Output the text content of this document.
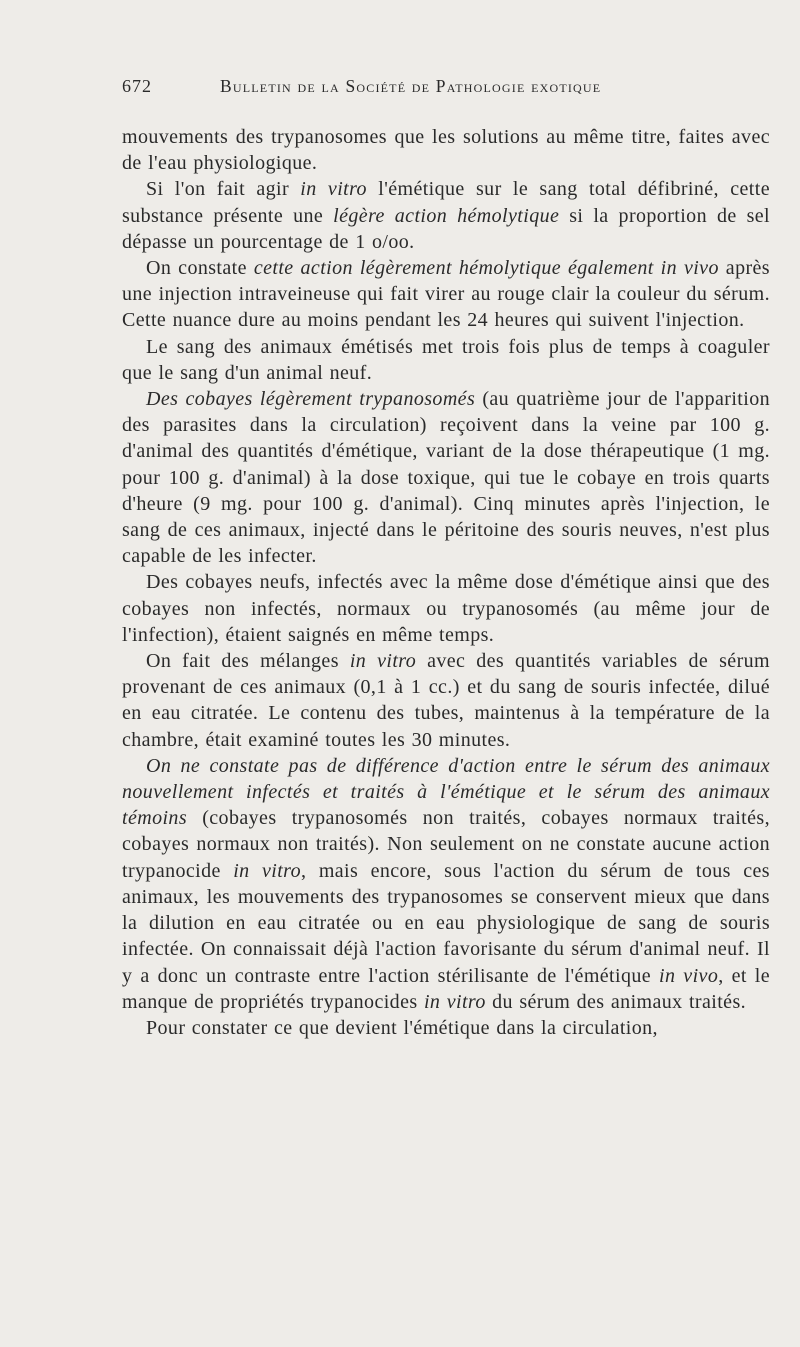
672	Bulletin de la Société de Pathologie exotique

mouvements des trypanosomes que les solutions au même titre, faites avec de l'eau physiologique.

Si l'on fait agir in vitro l'émétique sur le sang total défibriné, cette substance présente une légère action hémolytique si la proportion de sel dépasse un pourcentage de 1 o/oo.

On constate cette action légèrement hémolytique également in vivo après une injection intraveineuse qui fait virer au rouge clair la couleur du sérum. Cette nuance dure au moins pendant les 24 heures qui suivent l'injection.

Le sang des animaux émétisés met trois fois plus de temps à coaguler que le sang d'un animal neuf.

Des cobayes légèrement trypanosomés (au quatrième jour de l'apparition des parasites dans la circulation) reçoivent dans la veine par 100 g. d'animal des quantités d'émétique, variant de la dose thérapeutique (1 mg. pour 100 g. d'animal) à la dose toxique, qui tue le cobaye en trois quarts d'heure (9 mg. pour 100 g. d'animal). Cinq minutes après l'injection, le sang de ces animaux, injecté dans le péritoine des souris neuves, n'est plus capable de les infecter.

Des cobayes neufs, infectés avec la même dose d'émétique ainsi que des cobayes non infectés, normaux ou trypanosomés (au même jour de l'infection), étaient saignés en même temps.

On fait des mélanges in vitro avec des quantités variables de sérum provenant de ces animaux (0,1 à 1 cc.) et du sang de souris infectée, dilué en eau citratée. Le contenu des tubes, maintenus à la température de la chambre, était examiné toutes les 30 minutes.

On ne constate pas de différence d'action entre le sérum des animaux nouvellement infectés et traités à l'émétique et le sérum des animaux témoins (cobayes trypanosomés non traités, cobayes normaux traités, cobayes normaux non traités). Non seulement on ne constate aucune action trypanocide in vitro, mais encore, sous l'action du sérum de tous ces animaux, les mouvements des trypanosomes se conservent mieux que dans la dilution en eau citratée ou en eau physiologique de sang de souris infectée. On connaissait déjà l'action favorisante du sérum d'animal neuf. Il y a donc un contraste entre l'action stérilisante de l'émétique in vivo, et le manque de propriétés trypanocides in vitro du sérum des animaux traités.

Pour constater ce que devient l'émétique dans la circulation,
